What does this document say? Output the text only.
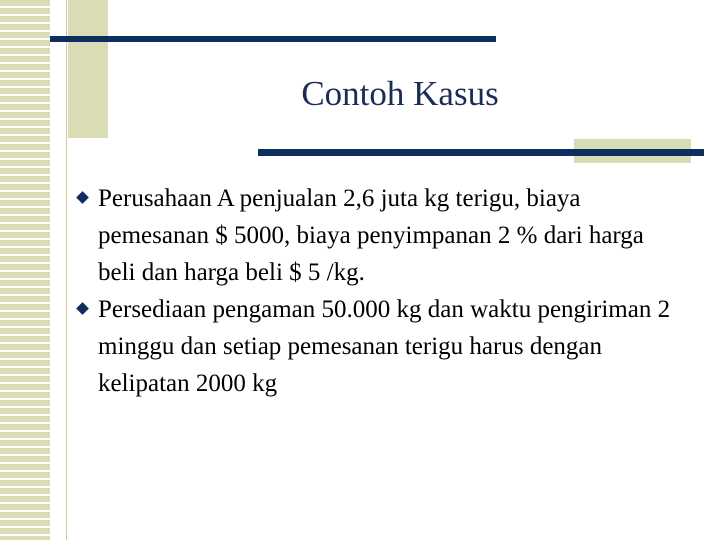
Contoh Kasus
Perusahaan A penjualan 2,6 juta kg terigu, biaya pemesanan $ 5000, biaya penyimpanan 2 % dari harga beli dan harga beli $ 5 /kg.
Persediaan pengaman 50.000 kg dan waktu pengiriman 2 minggu dan setiap pemesanan terigu harus dengan kelipatan 2000 kg
